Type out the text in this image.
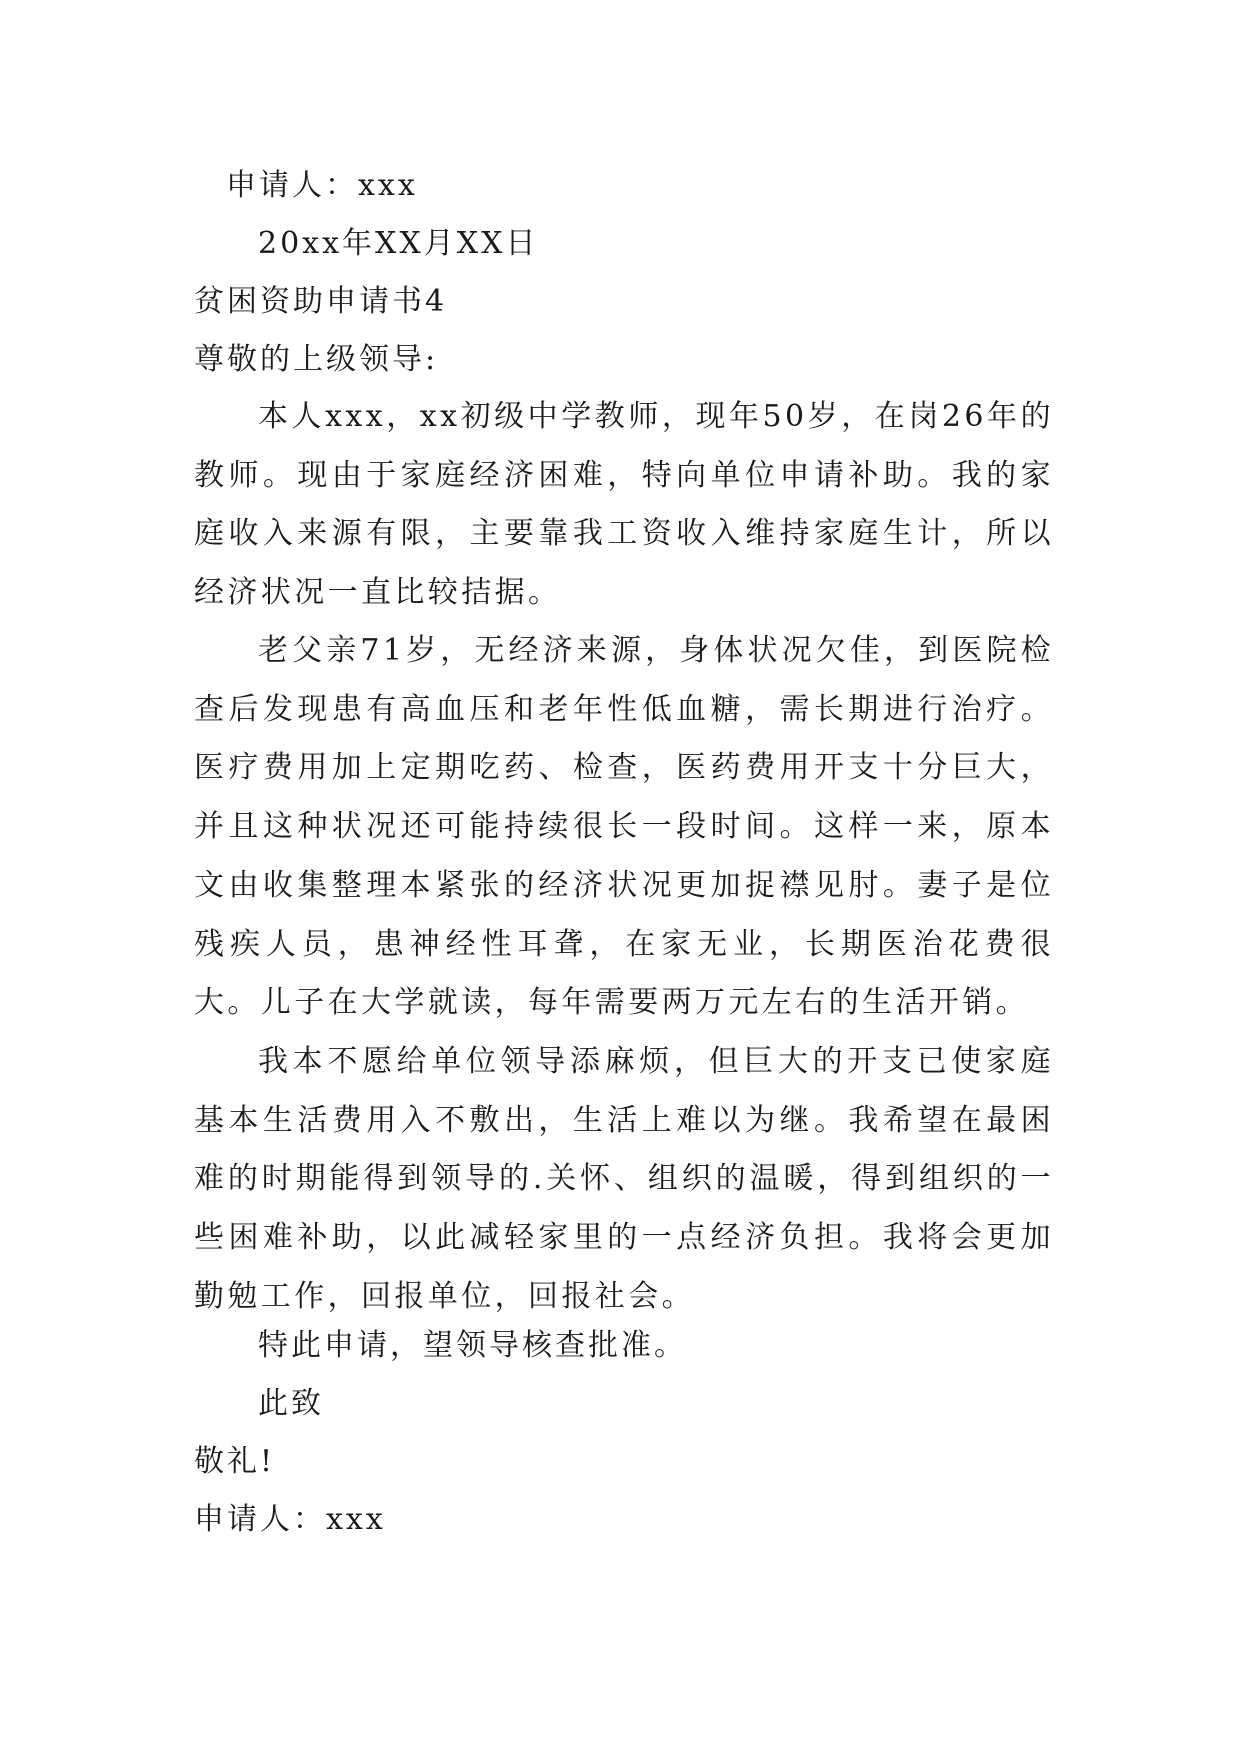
申请人：xxx
20xx年XX月XX日
贫困资助申请书4
尊敬的上级领导:

本人xxx，xx初级中学教师，现年50岁，在岗26年的教师。现由于家庭经济困难，特向单位申请补助。我的家庭收入来源有限，主要靠我工资收入维持家庭生计，所以经济状况一直比较拮据。

老父亲71岁，无经济来源，身体状况欠佳，到医院检查后发现患有高血压和老年性低血糖，需长期进行治疗。医疗费用加上定期吃药、检查，医药费用开支十分巨大，并且这种状况还可能持续很长一段时间。这样一来，原本文由收集整理本紧张的经济状况更加捉襟见肘。妻子是位残疾人员，患神经性耳聋，在家无业，长期医治花费很大。儿子在大学就读，每年需要两万元左右的生活开销。

我本不愿给单位领导添麻烦，但巨大的开支已使家庭基本生活费用入不敷出，生活上难以为继。我希望在最困难的时期能得到领导的.关怀、组织的温暖，得到组织的一些困难补助，以此减轻家里的一点经济负担。我将会更加勤勉工作，回报单位，回报社会。

特此申请，望领导核查批准。
此致
敬礼!
申请人：xxx
